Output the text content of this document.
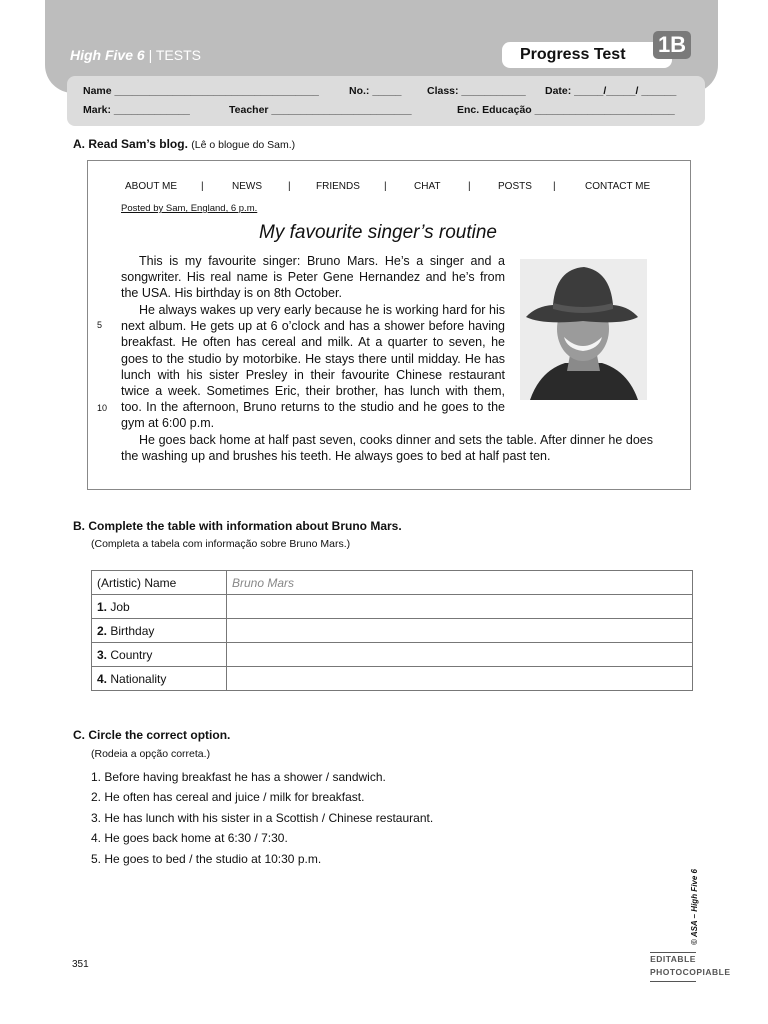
High Five 6 | TESTS	Progress Test 1B
Name ___________________________________	No.: _____ Class: ___________ Date: _____/_____/ ______
Mark: _____________	Teacher ________________________	Enc. Educação ________________________
A. Read Sam’s blog. (Lê o blogue do Sam.)
ABOUT ME |	NEWS	|	FRIENDS |	CHAT	|	POSTS |	CONTACT ME
Posted by Sam, England, 6 p.m.
My favourite singer’s routine

This is my favourite singer: Bruno Mars. He’s a singer and a songwriter. His real name is Peter Gene Hernandez and he’s from the USA. His birthday is on 8th October.

He always wakes up very early because he is working hard for his next album. He gets up at 6 o’clock and has a shower before having breakfast. He often has cereal and milk. At a quarter to seven, he goes to the studio by motorbike. He stays there until midday. He has lunch with his sister Presley in their favourite Chinese restaurant twice a week. Sometimes Eric, their brother, has lunch with them, too. In the afternoon, Bruno returns to the studio and he goes to the gym at 6:00 p.m.

He goes back home at half past seven, cooks dinner and sets the table. After dinner he does the washing up and brushes his teeth. He always goes to bed at half past ten.

5
10
B. Complete the table with information about Bruno Mars.
(Completa a tabela com informação sobre Bruno Mars.)
(Artistic) Name	Bruno Mars
1. Job	
2. Birthday	
3. Country	
4. Nationality	
C. Circle the correct option.
(Rodeia a opção correta.)
1. Before having breakfast he has a shower / sandwich.
2. He often has cereal and juice / milk for breakfast.
3. He has lunch with his sister in a Scottish / Chinese restaurant.
4. He goes back home at 6:30 / 7:30.
5. He goes to bed / the studio at 10:30 p.m.
© ASA – High Five 6
351	EDITABLE
PHOTOCOPIABLE
